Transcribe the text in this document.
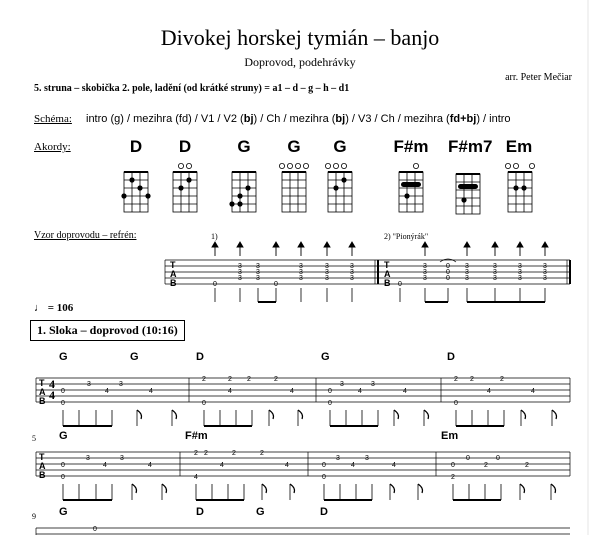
Divokej horskej tymián – banjo
Doprovod, podehrávky
arr. Peter Mečiar
5. struna – skobička 2. pole, ladění (od krátké struny) = a1 – d – g – h – d1
Schéma: intro (g) / mezihra (fd) / V1 / V2 (bj) / Ch / mezihra (bj) / V3 / Ch / mezihra (fd+bj) / intro
Akordy:	D	D	G	G	G	F#m F#m7 Em
T
A
B
T
A
B
0
3
3
3
3
3
3
0
3
3
3
3
3
3
3
3
3
0
3
3
3
0
0
0
3
3
3
3
3
3
3
3
3
3
3
3
T
A
B
T
A
B
0
3
4
3
4
0
0
2
4
2	2
4
2
0
3
4
3
4
0
0
2
4
2
4
2
0
3
4
3
4
0
4
2
4
2	2
4
2
0
3
4
3
4
0
2
0
2
0
2
0
0
Vzor doprovodu – refrén:	1)	2) "Pionýrák"
♩ = 106
1. Sloka – doprovod (10:16)
4
4
G	G	D	G	D
5 G	F#m	Em
9 G	D	G	D
